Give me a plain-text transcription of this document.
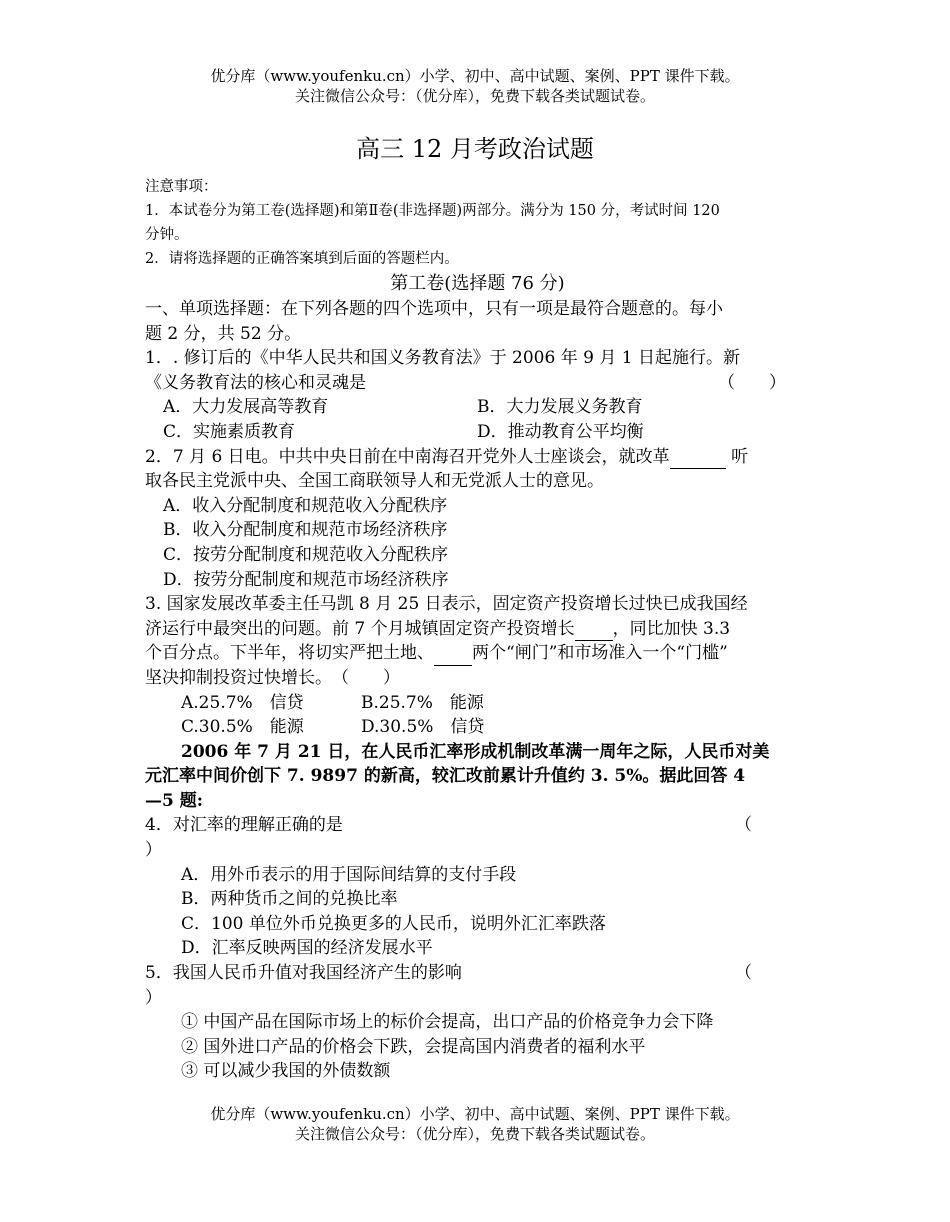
优分库（www.youfenku.cn）小学、初中、高中试题、案例、PPT 课件下载。
关注微信公众号：（优分库），免费下载各类试题试卷。
高三 12 月考政治试题
注意事项：
1．本试卷分为第工卷(选择题)和第Ⅱ卷(非选择题)两部分。满分为 150 分，考试时间 120
分钟。
2．请将选择题的正确答案填到后面的答题栏内。
第工卷(选择题 76 分)
一、单项选择题：在下列各题的四个选项中，只有一项是最符合题意的。每小
题 2 分，共 52 分。
1．. 修订后的《中华人民共和国义务教育法》于 2006 年 9 月 1 日起施行。新
《义务教育法的核心和灵魂是	（　　）
A．大力发展高等教育	B．大力发展义务教育
C．实施素质教育	D．推动教育公平均衡
2．7 月 6 日电。中共中央日前在中南海召开党外人士座谈会，就改革	听
取各民主党派中央、全国工商联领导人和无党派人士的意见。
A．收入分配制度和规范收入分配秩序
B．收入分配制度和规范市场经济秩序
C．按劳分配制度和规范收入分配秩序
D．按劳分配制度和规范市场经济秩序
3. 国家发展改革委主任马凯 8 月 25 日表示，固定资产投资增长过快已成我国经
济运行中最突出的问题。前 7 个月城镇固定资产投资增长 ，同比加快 3.3
个百分点。下半年，将切实严把土地、 两个“闸门”和市场准入一个“门槛”
坚决抑制投资过快增长。　（　　）
A.25.7%　信贷	B.25.7%　能源
C.30.5%　能源	D.30.5%　信贷
2006 年 7 月 21 日，在人民币汇率形成机制改革满一周年之际，人民币对美
元汇率中间价创下 7. 9897 的新高，较汇改前累计升值约 3. 5%。据此回答 4
—5 题:
4．对汇率的理解正确的是	（
）
A．用外币表示的用于国际间结算的支付手段
B．两种货币之间的兑换比率
C．100 单位外币兑换更多的人民币，说明外汇汇率跌落
D．汇率反映两国的经济发展水平
5．我国人民币升值对我国经济产生的影响	（
）
① 中国产品在国际市场上的标价会提高，出口产品的价格竞争力会下降
② 国外进口产品的价格会下跌，会提高国内消费者的福利水平
③ 可以减少我国的外债数额
优分库（www.youfenku.cn）小学、初中、高中试题、案例、PPT 课件下载。
关注微信公众号：（优分库），免费下载各类试题试卷。
